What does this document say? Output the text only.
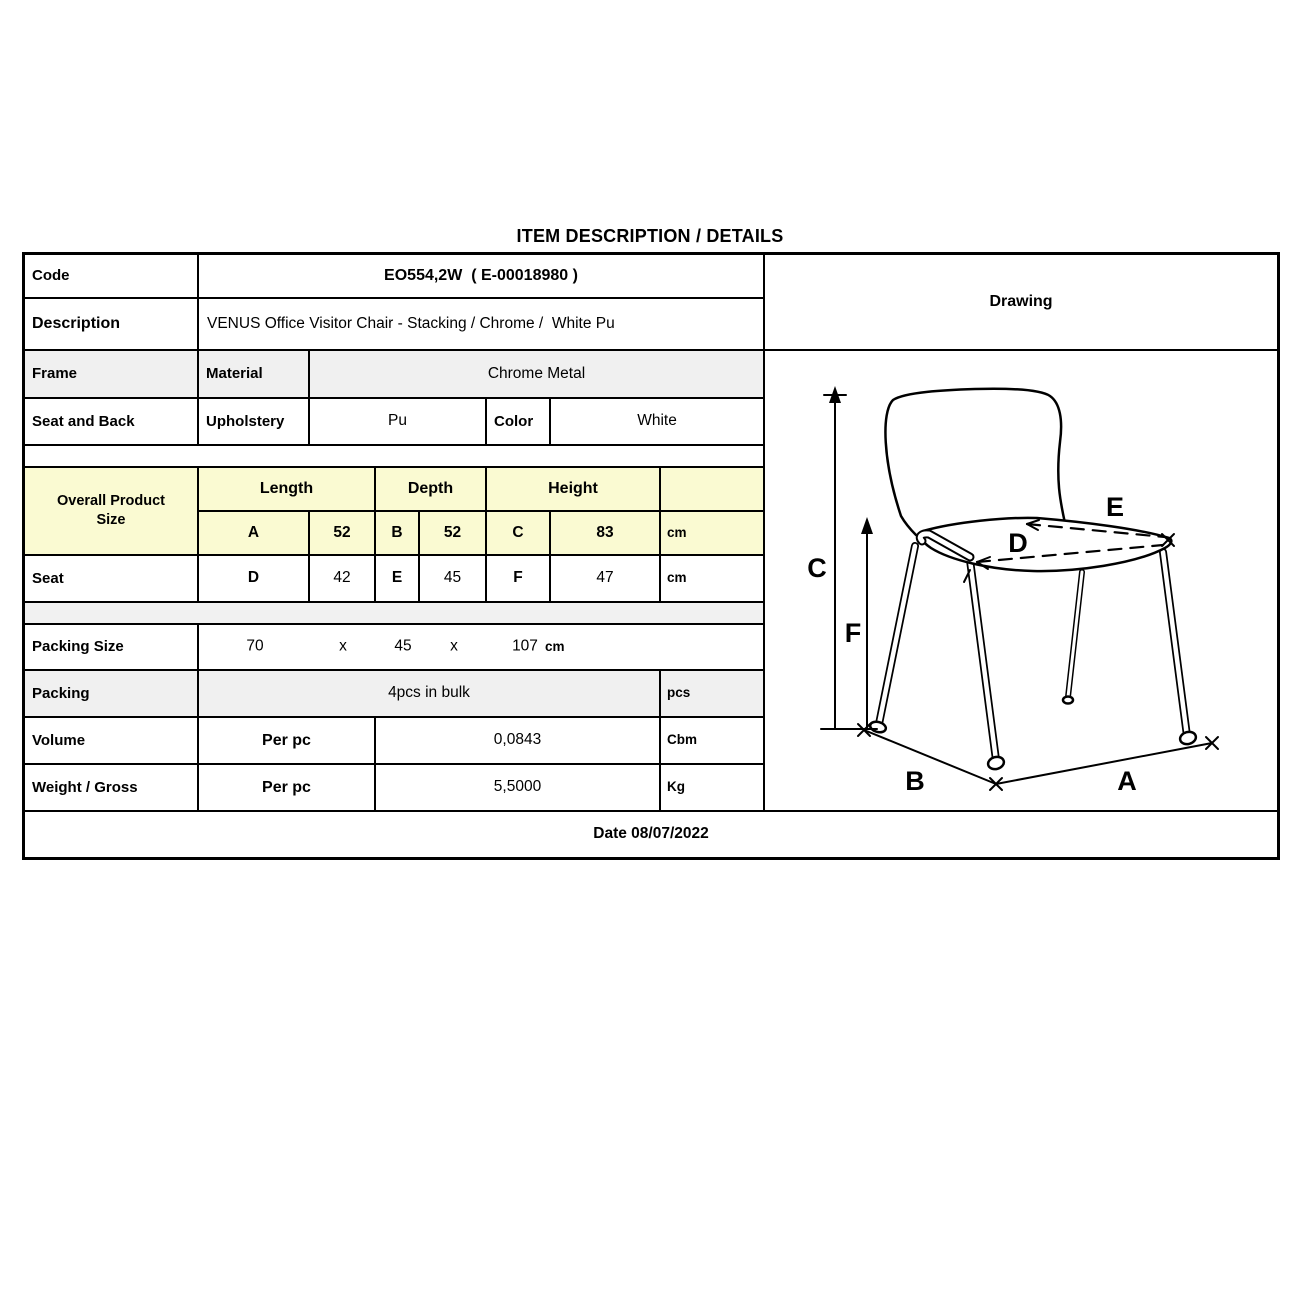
ITEM DESCRIPTION / DETAILS
Code	EO554,2W  ( E-00018980 )
Description	VENUS Office Visitor Chair - Stacking / Chrome /  White Pu
Frame	Material	Chrome Metal
Seat and Back	Upholstery	Pu	Color	White
Overall Product
Size
Length	Depth	Height
A	52	B	52	C	83	cm
Seat	D	42	E	45	F	47	cm
Packing Size	70	x	45 x	107 cm
Packing	4pcs in bulk	pcs
Volume	Per pc	0,0843	Cbm
Weight / Gross	Per pc	5,5000	Kg
Date 08/07/2022
Drawing
C
F
D
E
B	A
